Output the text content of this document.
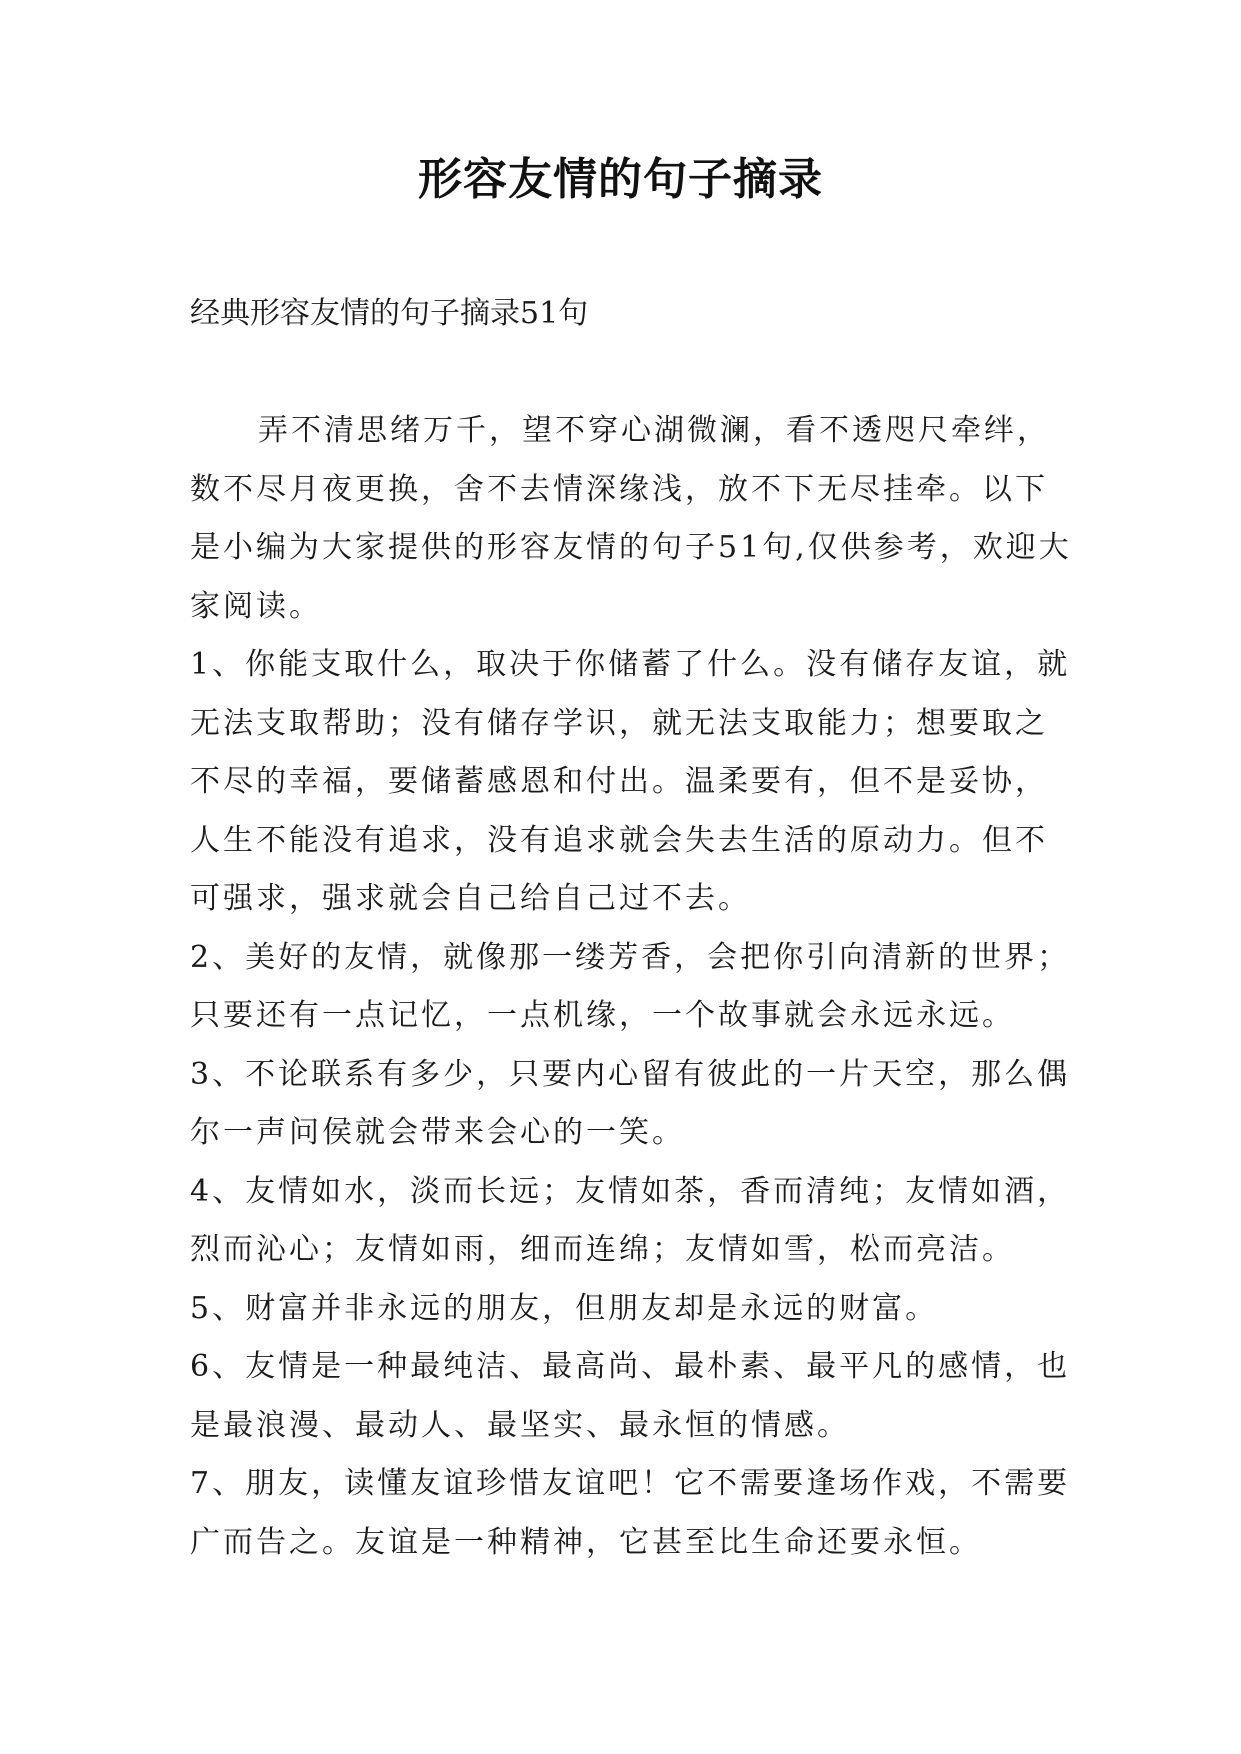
形容友情的句子摘录
经典形容友情的句子摘录51句

弄不清思绪万千，望不穿心湖微澜，看不透咫尺牵绊，数不尽月夜更换，舍不去情深缘浅，放不下无尽挂牵。以下是小编为大家提供的形容友情的句子51句,仅供参考，欢迎大家阅读。

1、你能支取什么，取决于你储蓄了什么。没有储存友谊，就无法支取帮助；没有储存学识，就无法支取能力；想要取之不尽的幸福，要储蓄感恩和付出。温柔要有，但不是妥协，人生不能没有追求，没有追求就会失去生活的原动力。但不可强求，强求就会自己给自己过不去。

2、美好的友情，就像那一缕芳香，会把你引向清新的世界；只要还有一点记忆，一点机缘，一个故事就会永远永远。

3、不论联系有多少，只要内心留有彼此的一片天空，那么偶尔一声问侯就会带来会心的一笑。

4、友情如水，淡而长远；友情如茶，香而清纯；友情如酒，烈而沁心；友情如雨，细而连绵；友情如雪，松而亮洁。

5、财富并非永远的朋友，但朋友却是永远的财富。

6、友情是一种最纯洁、最高尚、最朴素、最平凡的感情，也是最浪漫、最动人、最坚实、最永恒的情感。

7、朋友，读懂友谊珍惜友谊吧！它不需要逢场作戏，不需要广而告之。友谊是一种精神，它甚至比生命还要永恒。
